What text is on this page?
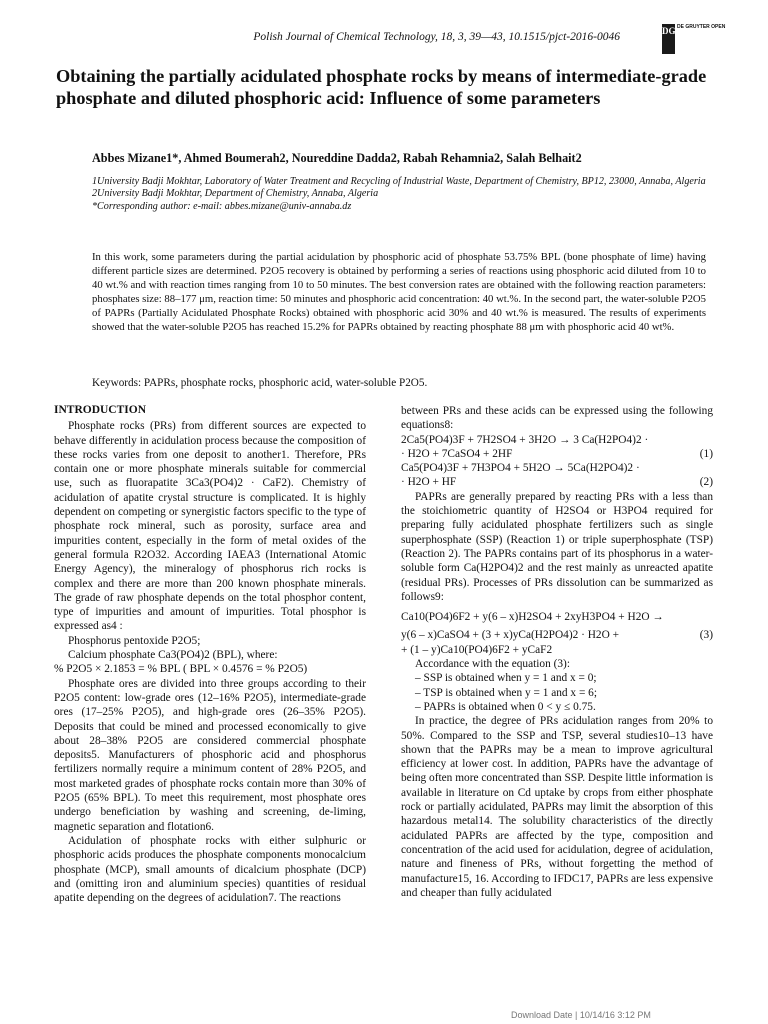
Polish Journal of Chemical Technology, 18, 3, 39—43, 10.1515/pjct-2016-0046	DG DE GRUYTER OPEN
Obtaining the partially acidulated phosphate rocks by means of intermediate-grade phosphate and diluted phosphoric acid: Influence of some parameters
Abbes Mizane1*, Ahmed Boumerah2, Noureddine Dadda2, Rabah Rehamnia2, Salah Belhait2

1University Badji Mokhtar, Laboratory of Water Treatment and Recycling of Industrial Waste, Department of Chemistry, BP12, 23000, Annaba, Algeria

2University Badji Mokhtar, Department of Chemistry, Annaba, Algeria

*Corresponding author: e-mail: abbes.mizane@univ-annaba.dz

In this work, some parameters during the partial acidulation by phosphoric acid of phosphate 53.75% BPL (bone phosphate of lime) having different particle sizes are determined. P2O5 recovery is obtained by performing a series of reactions using phosphoric acid diluted from 10 to 40 wt.% and with reaction times ranging from 10 to 50 minutes. The best conversion rates are obtained with the following reaction parameters: phosphates size: 88–177 μm, reaction time: 50 minutes and phosphoric acid concentration: 40 wt.%. In the second part, the water-soluble P2O5 of PAPRs (Partially Acidulated Phosphate Rocks) obtained with phosphoric acid 30% and 40 wt.% is measured. The results of experiments showed that the water-soluble P2O5 has reached 15.2% for PAPRs obtained by reacting phosphate 88 μm with phosphoric acid 40 wt%.

Keywords: PAPRs, phosphate rocks, phosphoric acid, water-soluble P2O5.

INTRODUCTION

Phosphate rocks (PRs) from different sources are expected to behave differently in acidulation process because the composition of these rocks varies from one deposit to another1. Therefore, PRs contain one or more phosphate minerals suitable for commercial use, such as fluorapatite 3Ca3(PO4)2 · CaF2). Chemistry of acidulation of apatite crystal structure is complicated. It is highly dependent on competing or synergistic factors specific to the type of phosphate rock mineral, such as porosity, surface area and impurities content, especially in the form of metal oxides of the general formula R2O32. According IAEA3 (International Atomic Energy Agency), the mineralogy of phosphorus rich rocks is complex and there are more than 200 known phosphate minerals. The grade of raw phosphate depends on the total phosphor content, type of impurities and amount of impurities. Total phosphor is expressed as4 :

Phosphorus pentoxide P2O5;

Calcium phosphate Ca3(PO4)2 (BPL), where:

% P2O5 × 2.1853 = % BPL ( BPL × 0.4576 = % P2O5)

Phosphate ores are divided into three groups according to their P2O5 content: low-grade ores (12–16% P2O5), intermediate-grade ores (17–25% P2O5), and high-grade ores (26–35% P2O5). Deposits that could be mined and processed economically to give about 28–38% P2O5 are considered commercial phosphate deposits5. Manufacturers of phosphoric acid and phosphorus fertilizers normally require a minimum content of 28% P2O5, and most marketed grades of phosphate rocks contain more than 30% of P2O5 (65% BPL). To meet this requirement, most phosphate ores undergo beneficiation by washing and screening, de-liming, magnetic separation and flotation6.

Acidulation of phosphate rocks with either sulphuric or phosphoric acids produces the phosphate components monocalcium phosphate (MCP), small amounts of dicalcium phosphate (DCP) and (omitting iron and aluminium species) quantities of residual apatite depending on the degrees of acidulation7. The reactions

between PRs and these acids can be expressed using the following equations8:

2Ca5(PO4)3F + 7H2SO4 + 3H2O → 3 Ca(H2PO4)2 ·

· H2O + 7CaSO4 + 2HF	(1)

Ca5(PO4)3F + 7H3PO4 + 5H2O → 5Ca(H2PO4)2 ·

· H2O + HF	(2)

PAPRs are generally prepared by reacting PRs with a less than the stoichiometric quantity of H2SO4 or H3PO4 required for preparing fully acidulated phosphate fertilizers such as single superphosphate (SSP) (Reaction 1) or triple superphosphate (TSP) (Reaction 2). The PAPRs contains part of its phosphorus in a water-soluble form Ca(H2PO4)2 and the rest mainly as unreacted apatite (residual PRs). Processes of PRs dissolution can be summarized as follows9:

Ca10(PO4)6F2 + y(6 – x)H2SO4 + 2xyH3PO4 + H2O →

y(6 – x)CaSO4 + (3 + x)yCa(H2PO4)2 · H2O +	(3)

+ (1 – y)Ca10(PO4)6F2 + yCaF2

Accordance with the equation (3):

– SSP is obtained when y = 1 and x = 0;

– TSP is obtained when y = 1 and x = 6;

– PAPRs is obtained when 0 < y ≤ 0.75.

In practice, the degree of PRs acidulation ranges from 20% to 50%. Compared to the SSP and TSP, several studies10–13 have shown that the PAPRs may be a mean to improve agricultural efficiency at lower cost. In addition, PAPRs have the advantage of being often more concentrated than SSP. Despite little information is available in literature on Cd uptake by crops from either phosphate rock or partially acidulated, PAPRs may limit the absorption of this hazardous metal14. The solubility characteristics of the directly acidulated PAPRs are affected by the type, composition and concentration of the acid used for acidulation, degree of acidulation, nature and fineness of PRs, without forgetting the method of manufacture15, 16. According to IFDC17, PAPRs are less expensive and cheaper than fully acidulated

Download Date | 10/14/16 3:12 PM
